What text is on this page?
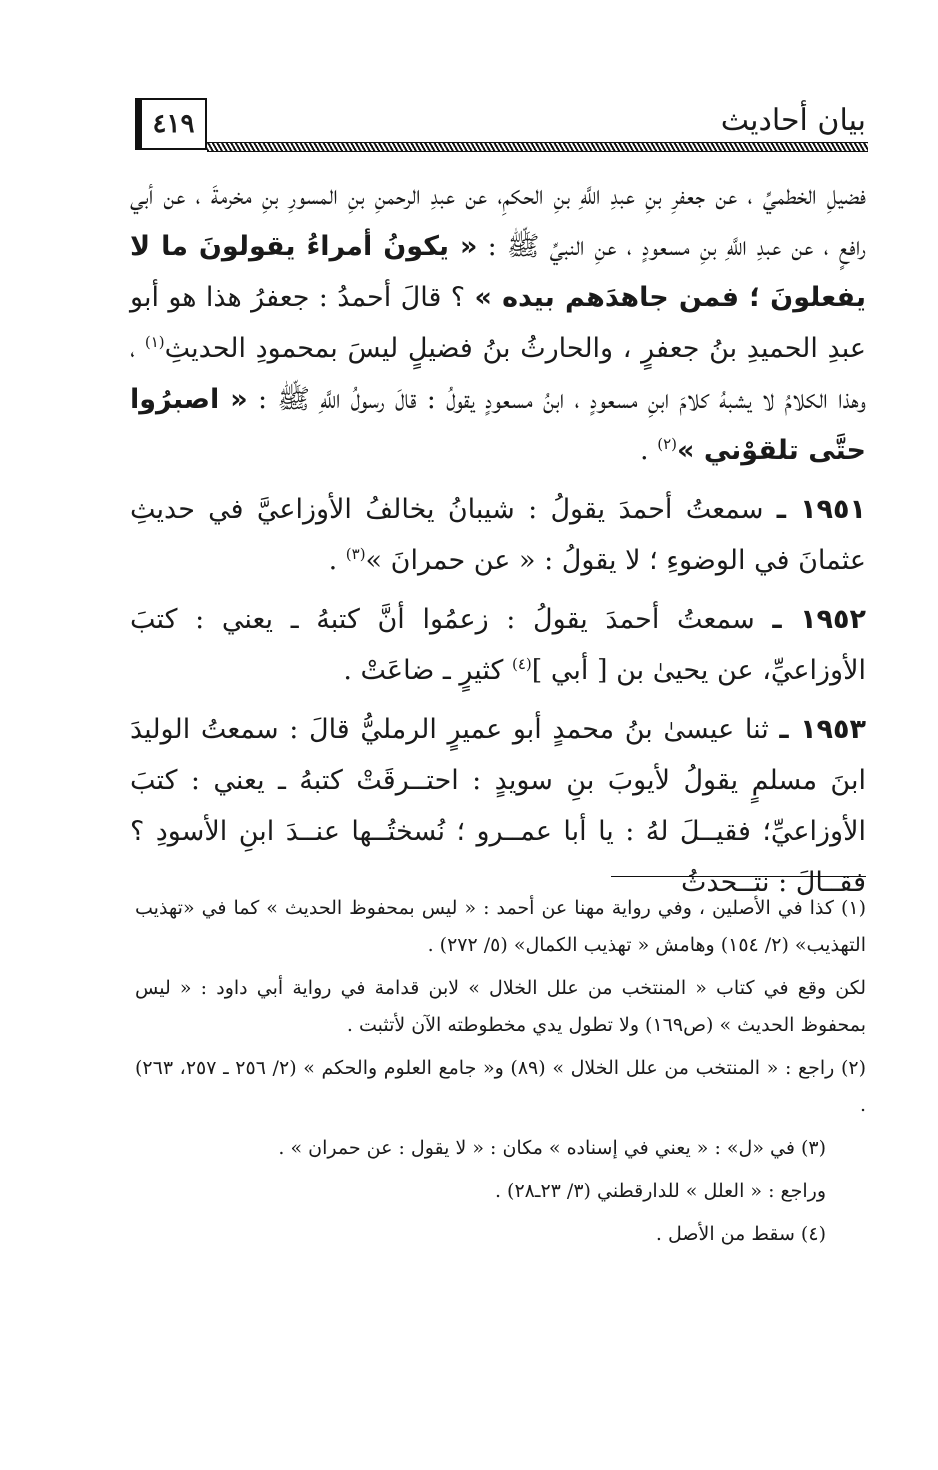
٤١٩	بيان أحاديث

فضيلِ الخطميِّ ، عن جعفرِ بنِ عبدِ اللَّهِ بنِ الحكمِ، عن عبدِ الرحمنِ بنِ المسورِ بنِ مخرمةَ ، عن أبي رافعٍ ، عن عبدِ اللَّهِ بنِ مسعودٍ ، عنِ النبيِّ ﷺ : « يكونُ أمراءُ يقولونَ ما لا يفعلونَ ؛ فمن جاهدَهم بيده » ؟ قالَ أحمدُ : جعفرُ هذا هو أبو عبدِ الحميدِ بنُ جعفرٍ ، والحارثُ بنُ فضيلٍ ليسَ بمحمودِ الحديثِ$^{(١)}$ ، وهذا الكلامُ لا يشبهُ كلامَ ابنِ مسعودٍ ، ابنُ مسعودٍ يقولُ : قالَ رسولُ اللَّهِ ﷺ : « اصبرُوا حتَّى تلقوْني »$^{(٢)}$ .

١٩٥١ ـ سمعتُ أحمدَ يقولُ : شيبانُ يخالفُ الأوزاعيَّ في حديثِ عثمانَ في الوضوءِ ؛ لا يقولُ : « عن حمرانَ »$^{(٣)}$ .

١٩٥٢ ـ سمعتُ أحمدَ يقولُ : زعمُوا أنَّ كتبهُ ـ يعني : كتبَ الأوزاعيِّ، عن يحيىٰ بن [ أبي ]$^{(٤)}$ كثيرٍ ـ ضاعَتْ .

١٩٥٣ ـ ثنا عيسىٰ بنُ محمدٍ أبو عميرٍ الرمليُّ قالَ : سمعتُ الوليدَ ابنَ مسلمٍ يقولُ لأيوبَ بنِ سويدٍ : احتــرقَتْ كتبهُ ـ يعني : كتبَ الأوزاعيِّ؛ فقيــلَ لهُ : يا أبا عمــرو ؛ نُسختُــها عنــدَ ابنِ الأسودِ ؟ فقــالَ : نتــحدثُ

(١) كذا في الأصلين ، وفي رواية مهنا عن أحمد : « ليس بمحفوظ الحديث » كما في «تهذيب التهذيب» (٢/ ١٥٤) وهامش « تهذيب الكمال» (٥/ ٢٧٢) .

لكن وقع في كتاب « المنتخب من علل الخلال » لابن قدامة في رواية أبي داود : « ليس بمحفوظ الحديث » (ص١٦٩) ولا تطول يدي مخطوطته الآن لأتثبت .

(٢) راجع : « المنتخب من علل الخلال » (٨٩) و« جامع العلوم والحكم » (٢/ ٢٥٦ ـ ٢٥٧، ٢٦٣) .

(٣) في «ل» : « يعني في إسناده » مكان : « لا يقول : عن حمران » .

وراجع : « العلل » للدارقطني (٣/ ٢٣ـ٢٨) .

(٤) سقط من الأصل .
